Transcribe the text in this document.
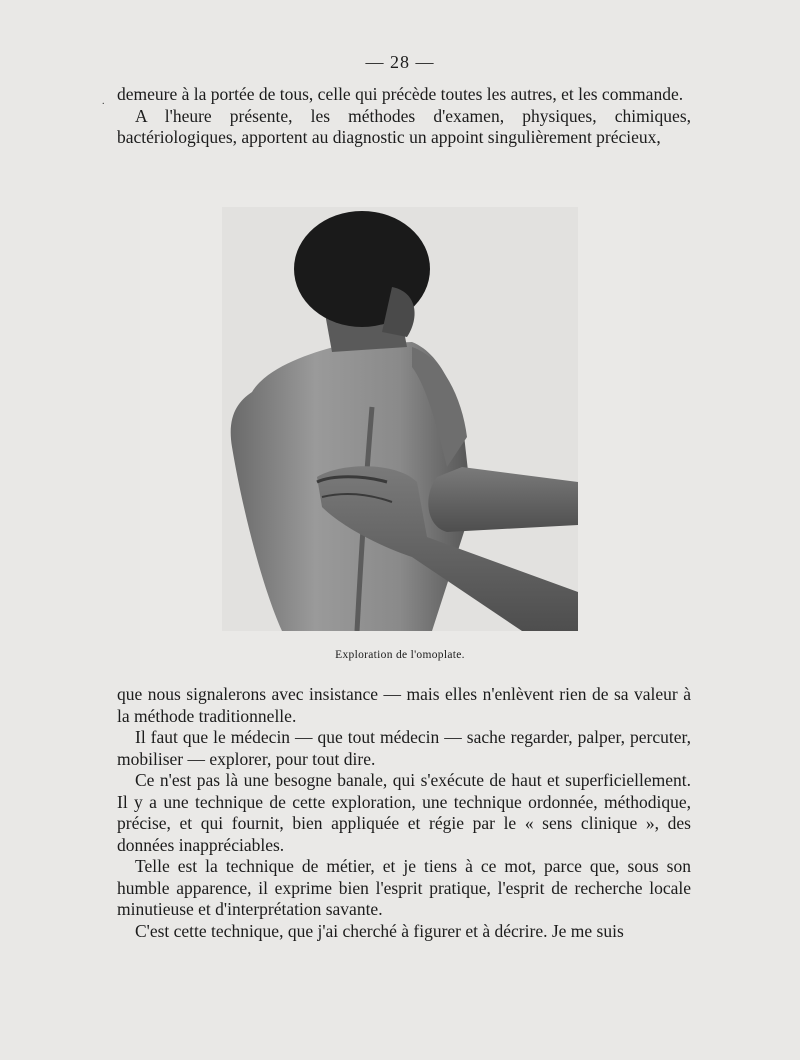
— 28 —
. demeure à la portée de tous, celle qui précède toutes les autres, et les commande.

A l'heure présente, les méthodes d'examen, physiques, chimiques, bactériologiques, apportent au diagnostic un appoint singulièrement précieux,

Exploration de l'omoplate.

que nous signalerons avec insistance — mais elles n'enlèvent rien de sa valeur à la méthode traditionnelle.

Il faut que le médecin — que tout médecin — sache regarder, palper, percuter, mobiliser — explorer, pour tout dire.

Ce n'est pas là une besogne banale, qui s'exécute de haut et superficiellement. Il y a une technique de cette exploration, une technique ordonnée, méthodique, précise, et qui fournit, bien appliquée et régie par le « sens clinique », des données inappréciables.

Telle est la technique de métier, et je tiens à ce mot, parce que, sous son humble apparence, il exprime bien l'esprit pratique, l'esprit de recherche locale minutieuse et d'interprétation savante.

C'est cette technique, que j'ai cherché à figurer et à décrire. Je me suis
